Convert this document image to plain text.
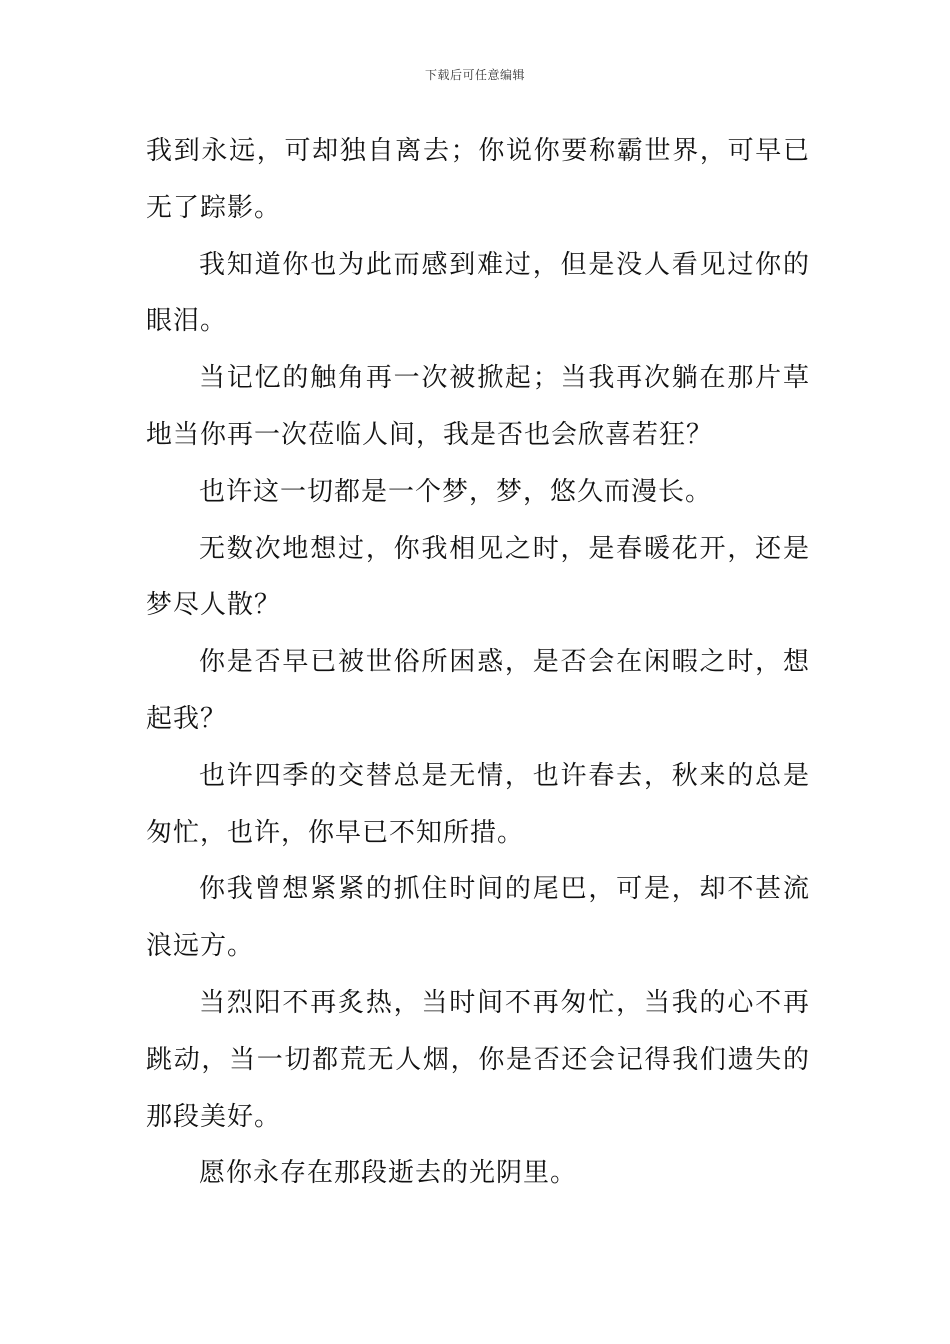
下载后可任意编辑

我到永远，可却独自离去；你说你要称霸世界，可早已无了踪影。

我知道你也为此而感到难过，但是没人看见过你的眼泪。

当记忆的触角再一次被掀起；当我再次躺在那片草地当你再一次莅临人间，我是否也会欣喜若狂？

也许这一切都是一个梦，梦，悠久而漫长。

无数次地想过，你我相见之时，是春暖花开，还是梦尽人散？

你是否早已被世俗所困惑，是否会在闲暇之时，想起我？

也许四季的交替总是无情，也许春去，秋来的总是匆忙，也许，你早已不知所措。

你我曾想紧紧的抓住时间的尾巴，可是，却不甚流浪远方。

当烈阳不再炙热，当时间不再匆忙，当我的心不再跳动，当一切都荒无人烟，你是否还会记得我们遗失的那段美好。

愿你永存在那段逝去的光阴里。
